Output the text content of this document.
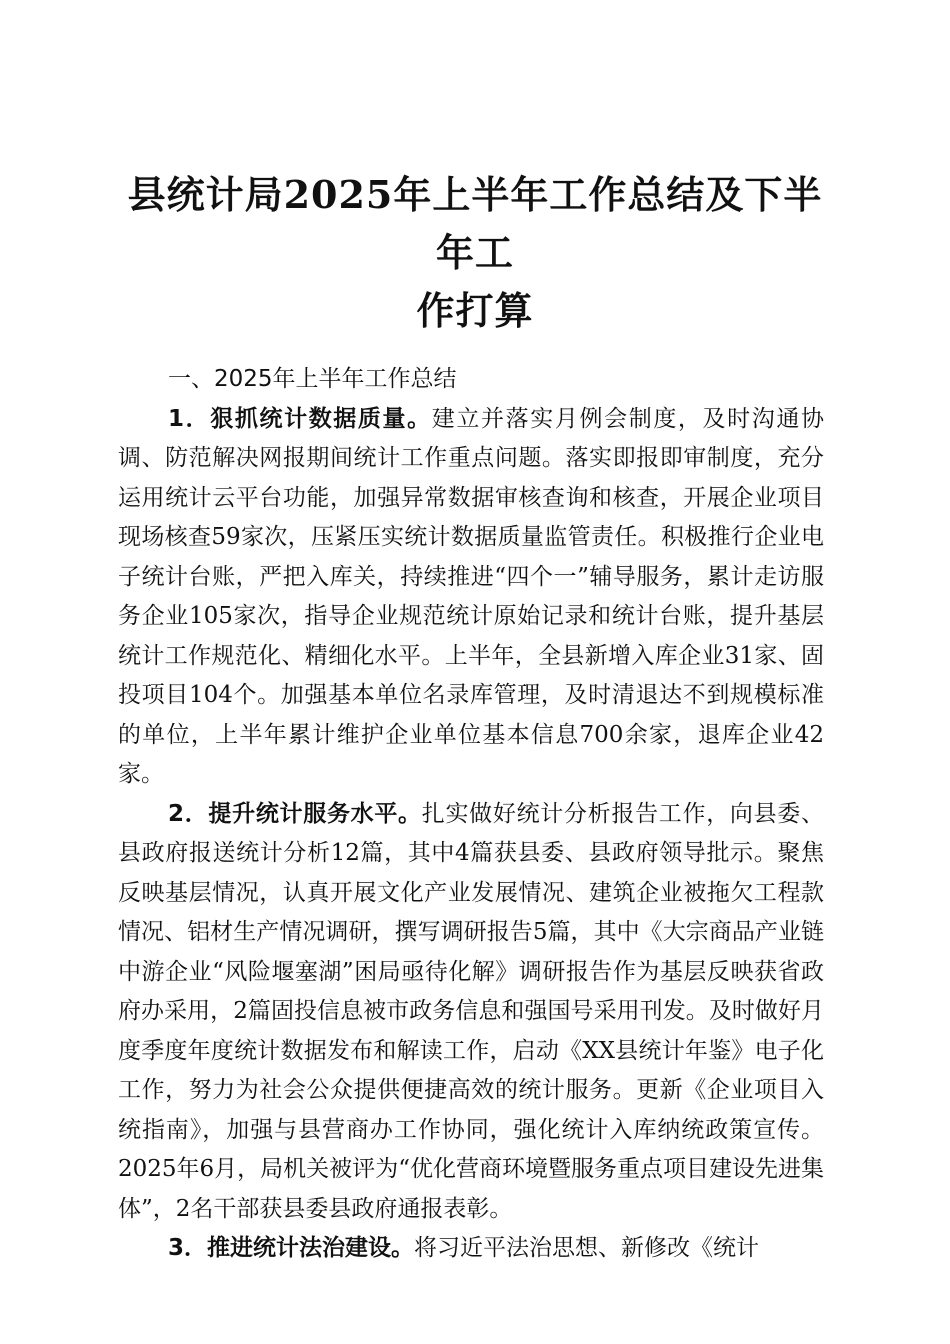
县统计局2025年上半年工作总结及下半年工
作打算

一、2025年上半年工作总结

1．狠抓统计数据质量。建立并落实月例会制度，及时沟通协调、防范解决网报期间统计工作重点问题。落实即报即审制度，充分运用统计云平台功能，加强异常数据审核查询和核查，开展企业项目现场核查59家次，压紧压实统计数据质量监管责任。积极推行企业电子统计台账，严把入库关，持续推进“四个一”辅导服务，累计走访服务企业105家次，指导企业规范统计原始记录和统计台账，提升基层统计工作规范化、精细化水平。上半年，全县新增入库企业31家、固投项目104个。加强基本单位名录库管理，及时清退达不到规模标准的单位，上半年累计维护企业单位基本信息700余家，退库企业42家。

2．提升统计服务水平。扎实做好统计分析报告工作，向县委、县政府报送统计分析12篇，其中4篇获县委、县政府领导批示。聚焦反映基层情况，认真开展文化产业发展情况、建筑企业被拖欠工程款情况、铝材生产情况调研，撰写调研报告5篇，其中《大宗商品产业链中游企业“风险堰塞湖”困局亟待化解》调研报告作为基层反映获省政府办采用，2篇固投信息被市政务信息和强国号采用刊发。及时做好月度季度年度统计数据发布和解读工作，启动《XX县统计年鉴》电子化工作，努力为社会公众提供便捷高效的统计服务。更新《企业项目入统指南》，加强与县营商办工作协同，强化统计入库纳统政策宣传。2025年6月，局机关被评为“优化营商环境暨服务重点项目建设先进集体”，2名干部获县委县政府通报表彰。

3．推进统计法治建设。将习近平法治思想、新修改《统计
